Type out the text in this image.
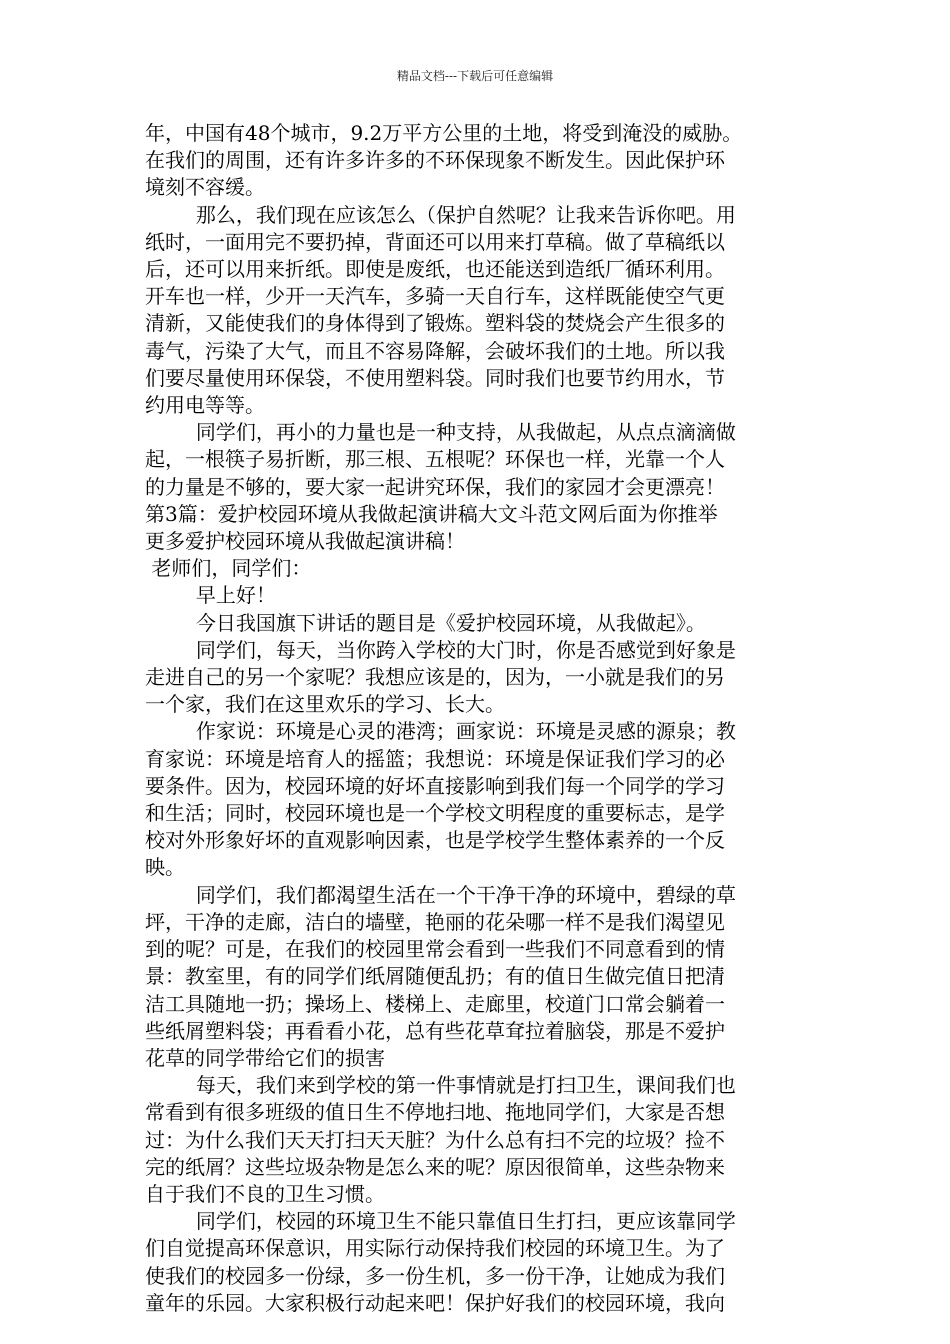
精品文档---下载后可任意编辑
年，中国有48个城市，9.2万平方公里的土地，将受到淹没的威胁。
在我们的周围，还有许多许多的不环保现象不断发生。因此保护环
境刻不容缓。
那么，我们现在应该怎么（保护自然呢？让我来告诉你吧。用
纸时，一面用完不要扔掉，背面还可以用来打草稿。做了草稿纸以
后，还可以用来折纸。即使是废纸，也还能送到造纸厂循环利用。
开车也一样，少开一天汽车，多骑一天自行车，这样既能使空气更
清新，又能使我们的身体得到了锻炼。塑料袋的焚烧会产生很多的
毒气，污染了大气，而且不容易降解，会破坏我们的土地。所以我
们要尽量使用环保袋，不使用塑料袋。同时我们也要节约用水，节
约用电等等。
同学们，再小的力量也是一种支持，从我做起，从点点滴滴做
起，一根筷子易折断，那三根、五根呢？环保也一样，光靠一个人
的力量是不够的，要大家一起讲究环保，我们的家园才会更漂亮！
第3篇：爱护校园环境从我做起演讲稿大文斗范文网后面为你推举
更多爱护校园环境从我做起演讲稿！
老师们，同学们：
早上好！
今日我国旗下讲话的题目是《爱护校园环境，从我做起》。
同学们，每天，当你跨入学校的大门时，你是否感觉到好象是
走进自己的另一个家呢？我想应该是的，因为，一小就是我们的另
一个家，我们在这里欢乐的学习、长大。
作家说：环境是心灵的港湾；画家说：环境是灵感的源泉；教
育家说：环境是培育人的摇篮；我想说：环境是保证我们学习的必
要条件。因为，校园环境的好坏直接影响到我们每一个同学的学习
和生活；同时，校园环境也是一个学校文明程度的重要标志，是学
校对外形象好坏的直观影响因素，也是学校学生整体素养的一个反
映。
同学们，我们都渴望生活在一个干净干净的环境中，碧绿的草
坪，干净的走廊，洁白的墙壁，艳丽的花朵哪一样不是我们渴望见
到的呢？可是，在我们的校园里常会看到一些我们不同意看到的情
景：教室里，有的同学们纸屑随便乱扔；有的值日生做完值日把清
洁工具随地一扔；操场上、楼梯上、走廊里，校道门口常会躺着一
些纸屑塑料袋；再看看小花，总有些花草耷拉着脑袋，那是不爱护
花草的同学带给它们的损害
每天，我们来到学校的第一件事情就是打扫卫生，课间我们也
常看到有很多班级的值日生不停地扫地、拖地同学们，大家是否想
过：为什么我们天天打扫天天脏？为什么总有扫不完的垃圾？捡不
完的纸屑？这些垃圾杂物是怎么来的呢？原因很简单，这些杂物来
自于我们不良的卫生习惯。
同学们，校园的环境卫生不能只靠值日生打扫，更应该靠同学
们自觉提高环保意识，用实际行动保持我们校园的环境卫生。为了
使我们的校园多一份绿，多一份生机，多一份干净，让她成为我们
童年的乐园。大家积极行动起来吧！保护好我们的校园环境，我向
